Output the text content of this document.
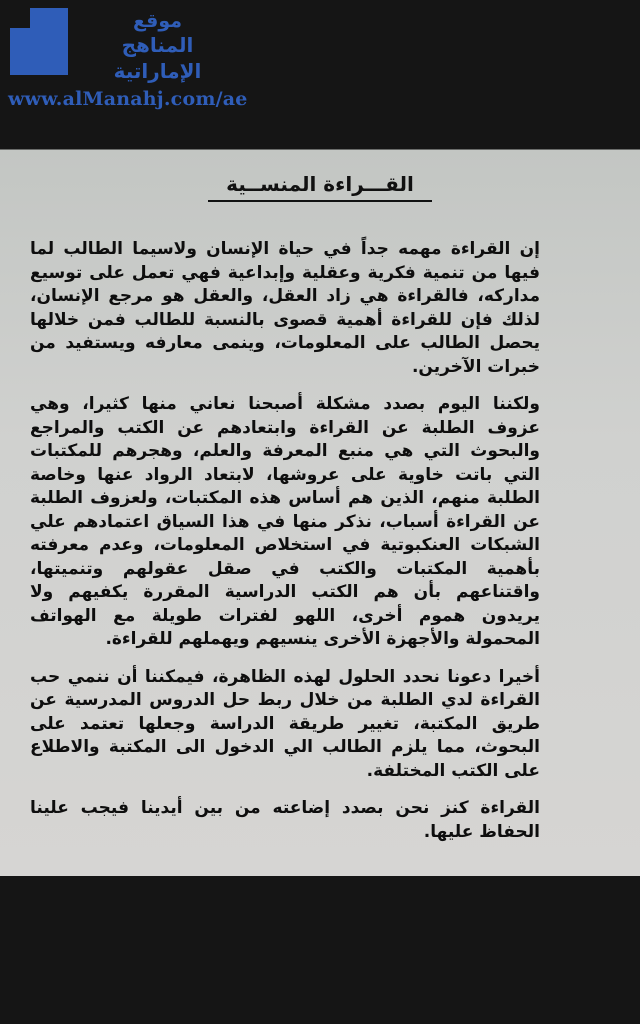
موقع
المناهج الإماراتية
www.alManahj.com/ae
القـــراءة المنســية

إن القراءة مهمه جداً في حياة الإنسان ولاسيما الطالب لما فيها من تنمية فكرية وعقلية وإبداعية فهي تعمل على توسيع مداركه، فالقراءة هي زاد العقل، والعقل هو مرجع الإنسان، لذلك فإن للقراءة أهمية قصوى بالنسبة للطالب فمن خلالها يحصل الطالب على المعلومات، وينمى معارفه ويستفيد من خبرات الآخرين.

ولكننا اليوم بصدد مشكلة أصبحنا نعاني منها كثيرا، وهي عزوف الطلبة عن القراءة وابتعادهم عن الكتب والمراجع والبحوث التي هي منبع المعرفة والعلم، وهجرهم للمكتبات التي باتت خاوية على عروشها، لابتعاد الرواد عنها وخاصة الطلبة منهم، الذين هم أساس هذه المكتبات، ولعزوف الطلبة عن القراءة أسباب، نذكر منها في هذا السياق اعتمادهم علي الشبكات العنكبوتية في استخلاص المعلومات، وعدم معرفته بأهمية المكتبات والكتب في صقل عقولهم وتنميتها، واقتناعهم بأن هم الكتب الدراسية المقررة يكفيهم ولا يريدون هموم أخرى، اللهو لفترات طويلة مع الهواتف المحمولة والأجهزة الأخرى ينسيهم ويهملهم للقراءة.

أخيرا دعونا نحدد الحلول لهذه الظاهرة، فيمكننا أن ننمي حب القراءة لدي الطلبة من خلال ربط حل الدروس المدرسية عن طريق المكتبة، تغيير طريقة الدراسة وجعلها تعتمد على البحوث، مما يلزم الطالب الي الدخول الى المكتبة والاطلاع على الكتب المختلفة.

القراءة كنز نحن بصدد إضاعته من بين أيدينا فيجب علينا الحفاظ عليها.
